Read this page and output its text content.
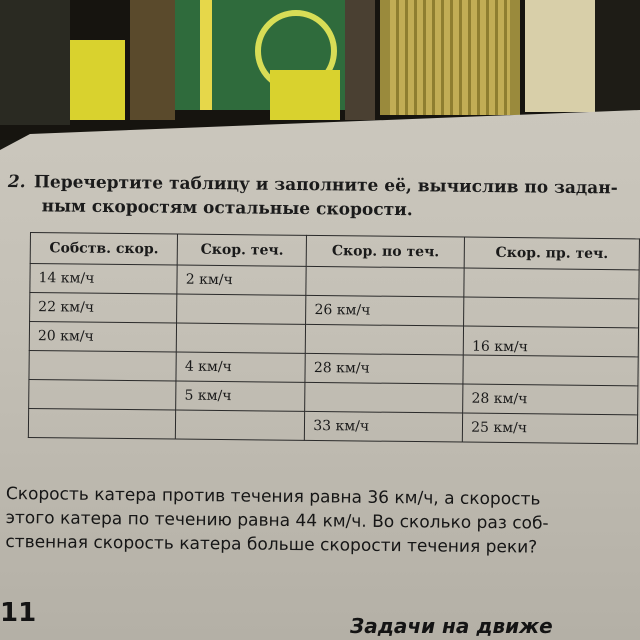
2. Перечертите таблицу и заполните её, вычислив по задан-
ным скоростям остальные скорости.
Собств. скор.	Скор. теч.	Скор. по теч.	Скор. пр. теч.
14 км/ч	2 км/ч		
22 км/ч		26 км/ч	
20 км/ч			16 км/ч
	4 км/ч	28 км/ч	
	5 км/ч		28 км/ч
		33 км/ч	25 км/ч
Скорость катера против течения равна 36 км/ч, а скорость
этого катера по течению равна 44 км/ч. Во сколько раз соб-
ственная скорость катера больше скорости течения реки?
11	Задачи на движе
